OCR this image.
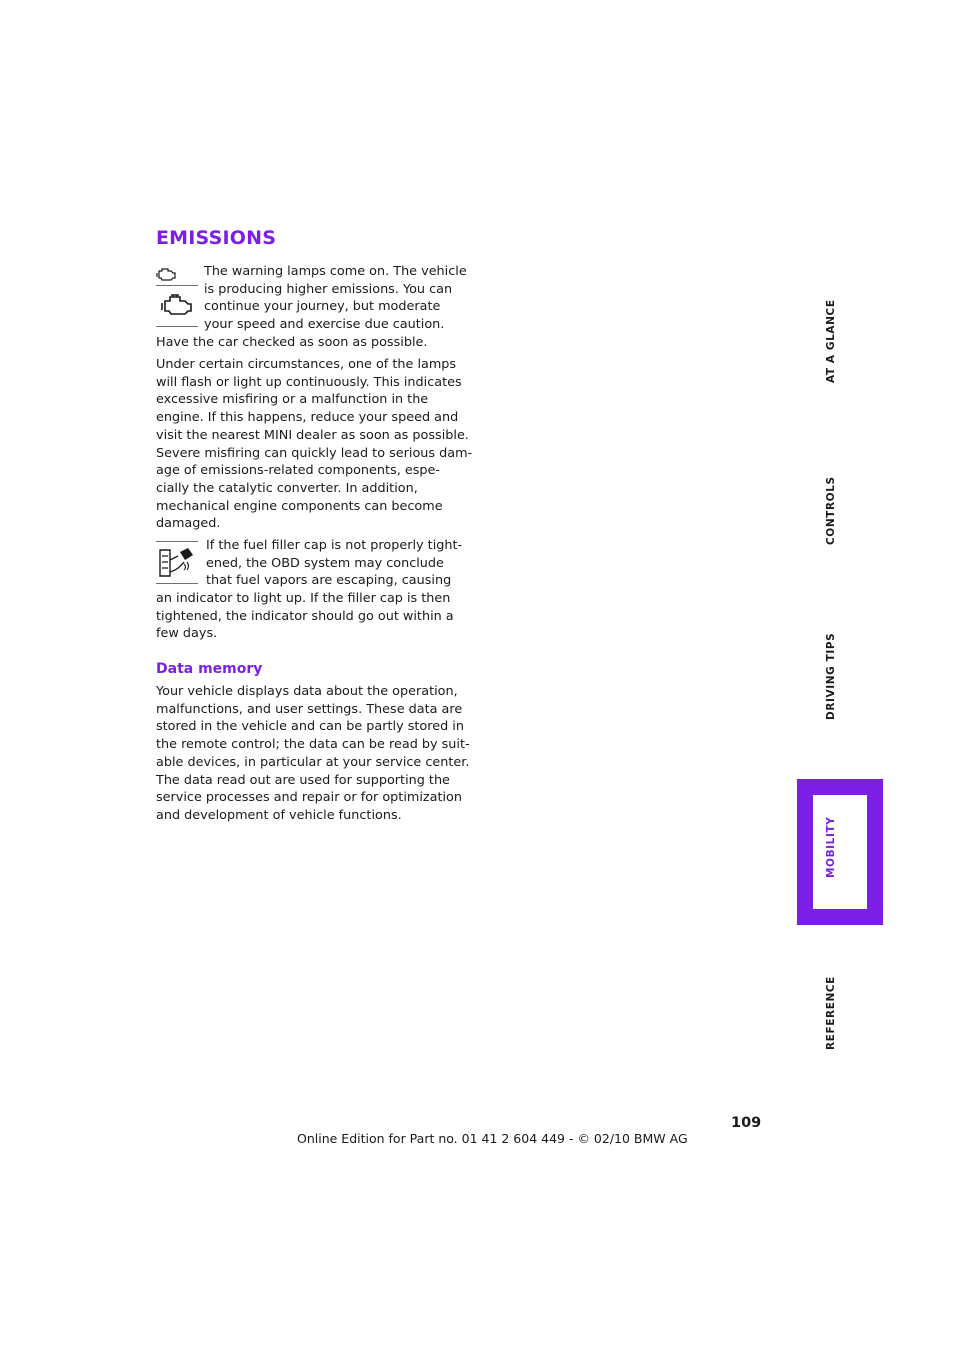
EMISSIONS
The warning lamps come on. The vehicle
is producing higher emissions. You can
continue your journey, but moderate
your speed and exercise due caution.

Have the car checked as soon as possible.

Under certain circumstances, one of the lamps
will flash or light up continuously. This indicates
excessive misfiring or a malfunction in the
engine. If this happens, reduce your speed and
visit the nearest MINI dealer as soon as possible.
Severe misfiring can quickly lead to serious dam-
age of emissions-related components, espe-
cially the catalytic converter. In addition,
mechanical engine components can become
damaged.

If the fuel filler cap is not properly tight-
ened, the OBD system may conclude
that fuel vapors are escaping, causing

an indicator to light up. If the filler cap is then
tightened, the indicator should go out within a
few days.

Data memory

Your vehicle displays data about the operation,
malfunctions, and user settings. These data are
stored in the vehicle and can be partly stored in
the remote control; the data can be read by suit-
able devices, in particular at your service center.
The data read out are used for supporting the
service processes and repair or for optimization
and development of vehicle functions.

AT A GLANCE
CONTROLS
DRIVING TIPS
MOBILITY
REFERENCE
109
Online Edition for Part no. 01 41 2 604 449 - © 02/10 BMW AG
